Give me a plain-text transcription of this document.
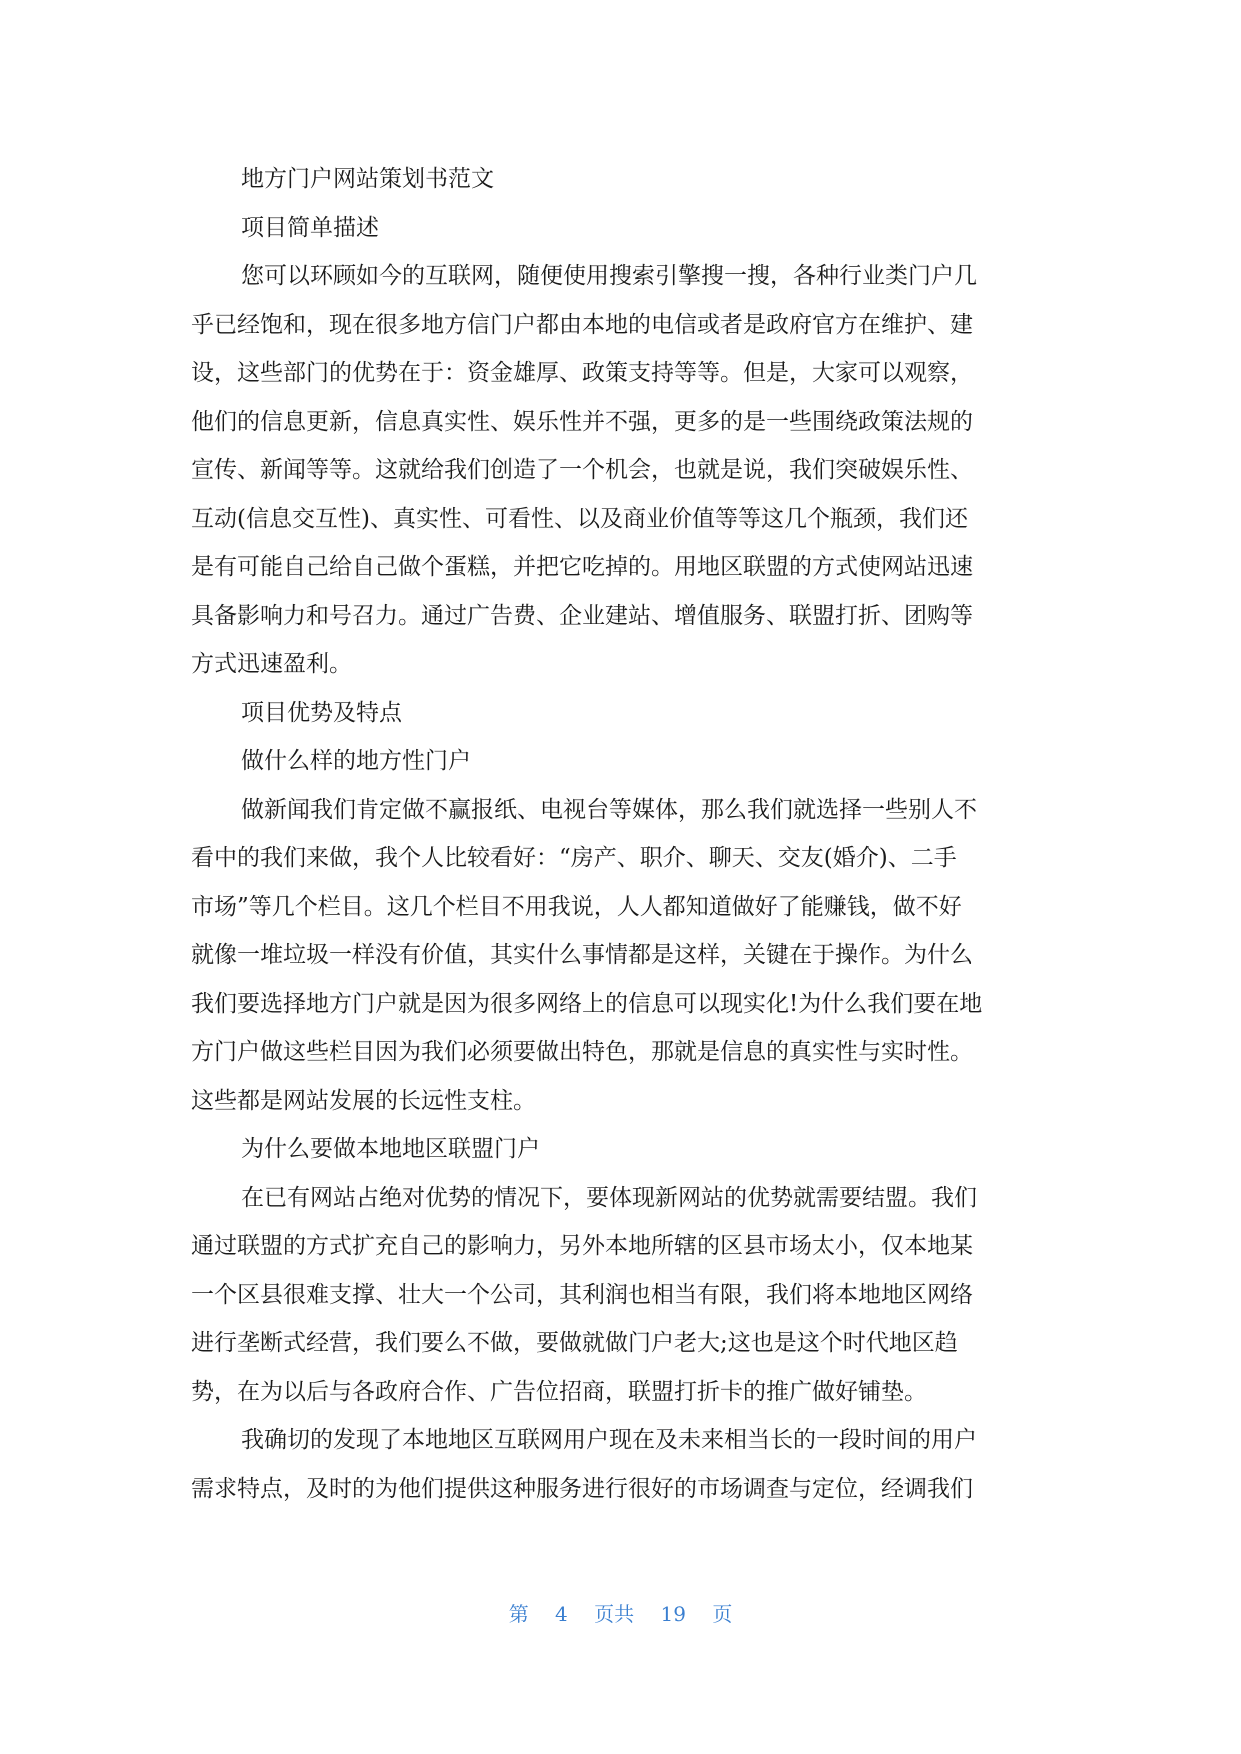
地方门户网站策划书范文

项目简单描述

您可以环顾如今的互联网，随便使用搜索引擎搜一搜，各种行业类门户几

乎已经饱和，现在很多地方信门户都由本地的电信或者是政府官方在维护、建

设，这些部门的优势在于：资金雄厚、政策支持等等。但是，大家可以观察，

他们的信息更新，信息真实性、娱乐性并不强，更多的是一些围绕政策法规的

宣传、新闻等等。这就给我们创造了一个机会，也就是说，我们突破娱乐性、

互动(信息交互性)、真实性、可看性、以及商业价值等等这几个瓶颈，我们还

是有可能自己给自己做个蛋糕，并把它吃掉的。用地区联盟的方式使网站迅速

具备影响力和号召力。通过广告费、企业建站、增值服务、联盟打折、团购等

方式迅速盈利。

项目优势及特点

做什么样的地方性门户

做新闻我们肯定做不赢报纸、电视台等媒体，那么我们就选择一些别人不

看中的我们来做，我个人比较看好：“房产、职介、聊天、交友(婚介)、二手

市场”等几个栏目。这几个栏目不用我说，人人都知道做好了能赚钱，做不好

就像一堆垃圾一样没有价值，其实什么事情都是这样，关键在于操作。为什么

我们要选择地方门户就是因为很多网络上的信息可以现实化!为什么我们要在地

方门户做这些栏目因为我们必须要做出特色，那就是信息的真实性与实时性。

这些都是网站发展的长远性支柱。

为什么要做本地地区联盟门户

在已有网站占绝对优势的情况下，要体现新网站的优势就需要结盟。我们

通过联盟的方式扩充自己的影响力，另外本地所辖的区县市场太小，仅本地某

一个区县很难支撑、壮大一个公司，其利润也相当有限，我们将本地地区网络

进行垄断式经营，我们要么不做，要做就做门户老大;这也是这个时代地区趋

势，在为以后与各政府合作、广告位招商，联盟打折卡的推广做好铺垫。

我确切的发现了本地地区互联网用户现在及未来相当长的一段时间的用户

需求特点，及时的为他们提供这种服务进行很好的市场调查与定位，经调我们

第 4 页共 19 页
